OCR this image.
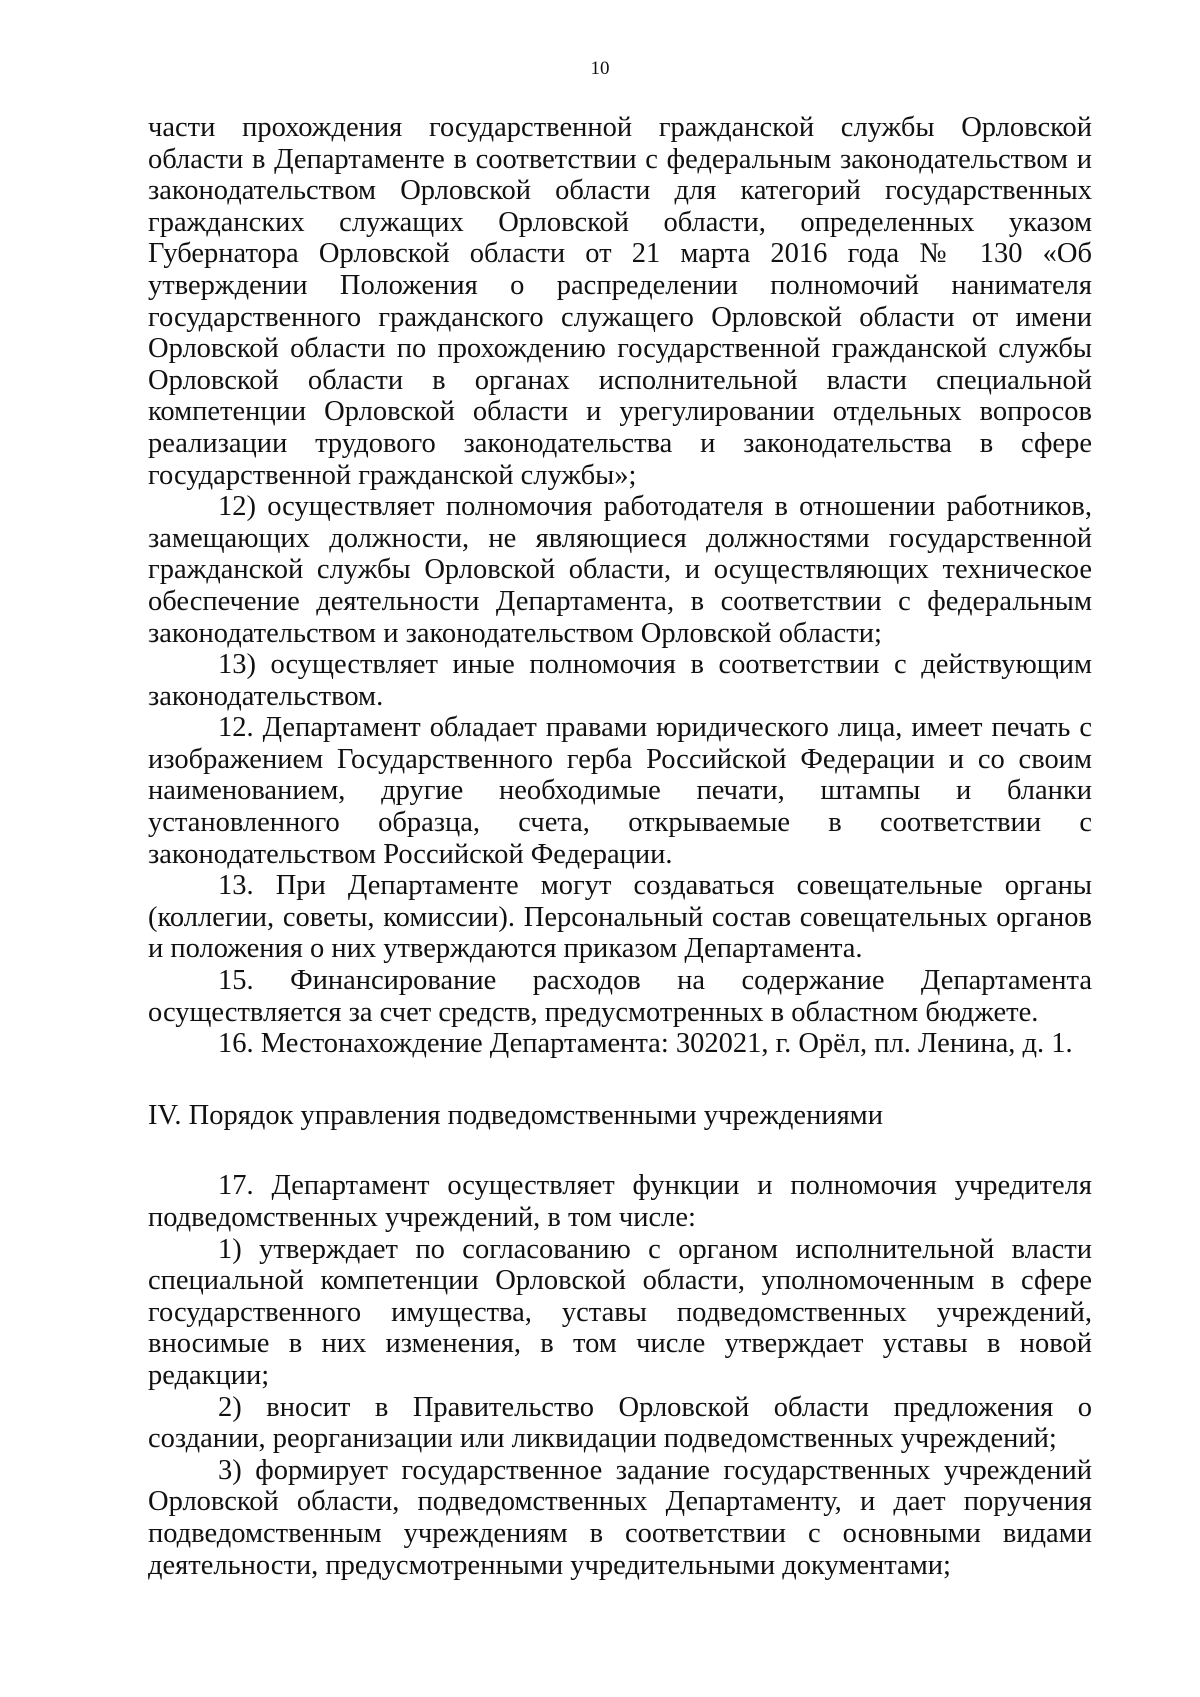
10

части прохождения государственной гражданской службы Орловской области в Департаменте в соответствии с федеральным законодательством и законодательством Орловской области для категорий государственных гражданских служащих Орловской области, определенных указом Губернатора Орловской области от 21 марта 2016 года № 130 «Об утверждении Положения о распределении полномочий нанимателя государственного гражданского служащего Орловской области от имени Орловской области по прохождению государственной гражданской службы Орловской области в органах исполнительной власти специальной компетенции Орловской области и урегулировании отдельных вопросов реализации трудового законодательства и законодательства в сфере государственной гражданской службы»;

12) осуществляет полномочия работодателя в отношении работников, замещающих должности, не являющиеся должностями государственной гражданской службы Орловской области, и осуществляющих техническое обеспечение деятельности Департамента, в соответствии с федеральным законодательством и законодательством Орловской области;

13) осуществляет иные полномочия в соответствии с действующим законодательством.

12. Департамент обладает правами юридического лица, имеет печать с изображением Государственного герба Российской Федерации и со своим наименованием, другие необходимые печати, штампы и бланки установленного образца, счета, открываемые в соответствии с законодательством Российской Федерации.

13. При Департаменте могут создаваться совещательные органы (коллегии, советы, комиссии). Персональный состав совещательных органов и положения о них утверждаются приказом Департамента.

15. Финансирование расходов на содержание Департамента осуществляется за счет средств, предусмотренных в областном бюджете.

16. Местонахождение Департамента: 302021, г. Орёл, пл. Ленина, д. 1.

IV. Порядок управления подведомственными учреждениями

17. Департамент осуществляет функции и полномочия учредителя подведомственных учреждений, в том числе:

1) утверждает по согласованию с органом исполнительной власти специальной компетенции Орловской области, уполномоченным в сфере государственного имущества, уставы подведомственных учреждений, вносимые в них изменения, в том числе утверждает уставы в новой редакции;

2) вносит в Правительство Орловской области предложения о создании, реорганизации или ликвидации подведомственных учреждений;

3) формирует государственное задание государственных учреждений Орловской области, подведомственных Департаменту, и дает поручения подведомственным учреждениям в соответствии с основными видами деятельности, предусмотренными учредительными документами;
